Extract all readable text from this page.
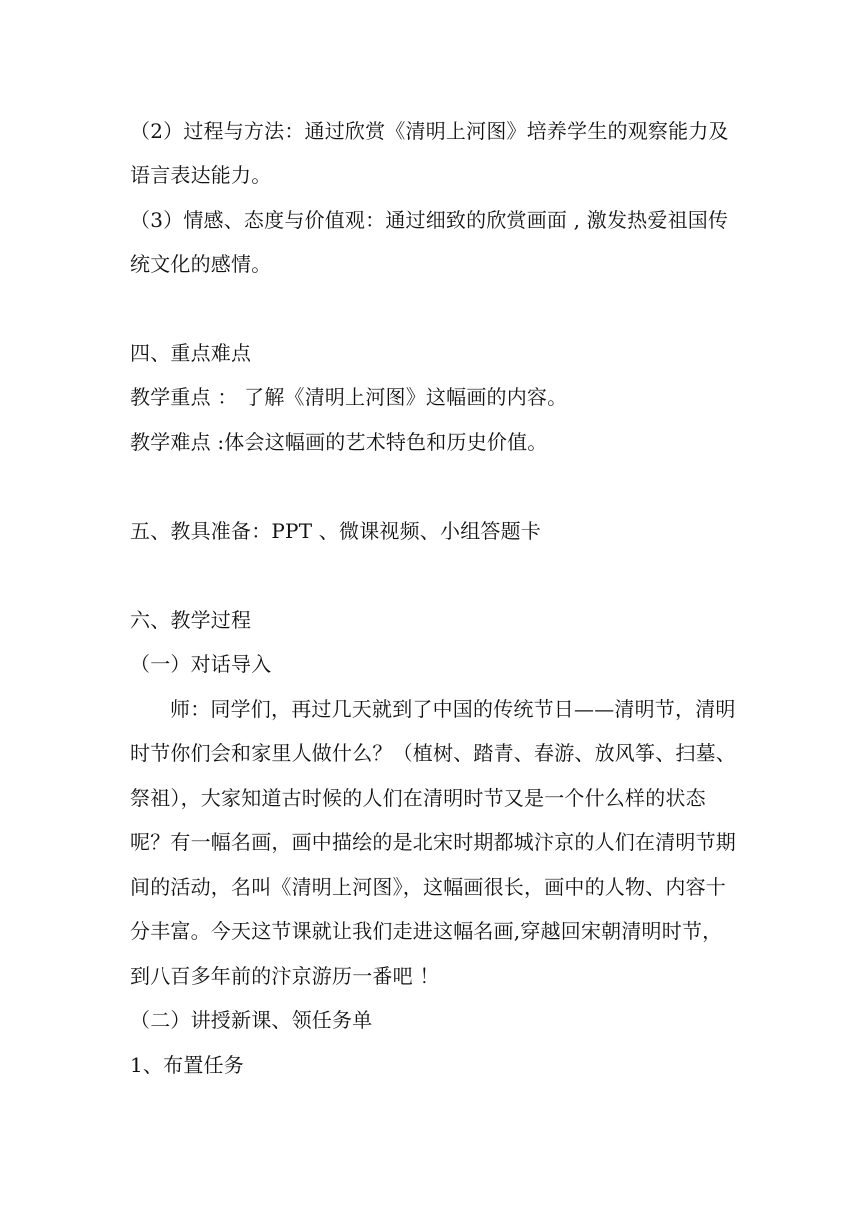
（2）过程与方法：通过欣赏《清明上河图》培养学生的观察能力及
语言表达能力。
（3）情感、态度与价值观：通过细致的欣赏画面 , 激发热爱祖国传
统文化的感情。
四、重点难点
教学重点 ： 了解《清明上河图》这幅画的内容。
教学难点 :体会这幅画的艺术特色和历史价值。
五、教具准备：PPT 、微课视频、小组答题卡
六、教学过程
（一）对话导入
师：同学们，再过几天就到了中国的传统节日——清明节，清明
时节你们会和家里人做什么？（植树、踏青、春游、放风筝、扫墓、
祭祖），大家知道古时候的人们在清明时节又是一个什么样的状态
呢？有一幅名画，画中描绘的是北宋时期都城汴京的人们在清明节期
间的活动，名叫《清明上河图》，这幅画很长，画中的人物、内容十
分丰富。今天这节课就让我们走进这幅名画,穿越回宋朝清明时节，
到八百多年前的汴京游历一番吧 ！
（二）讲授新课、领任务单
1、布置任务
